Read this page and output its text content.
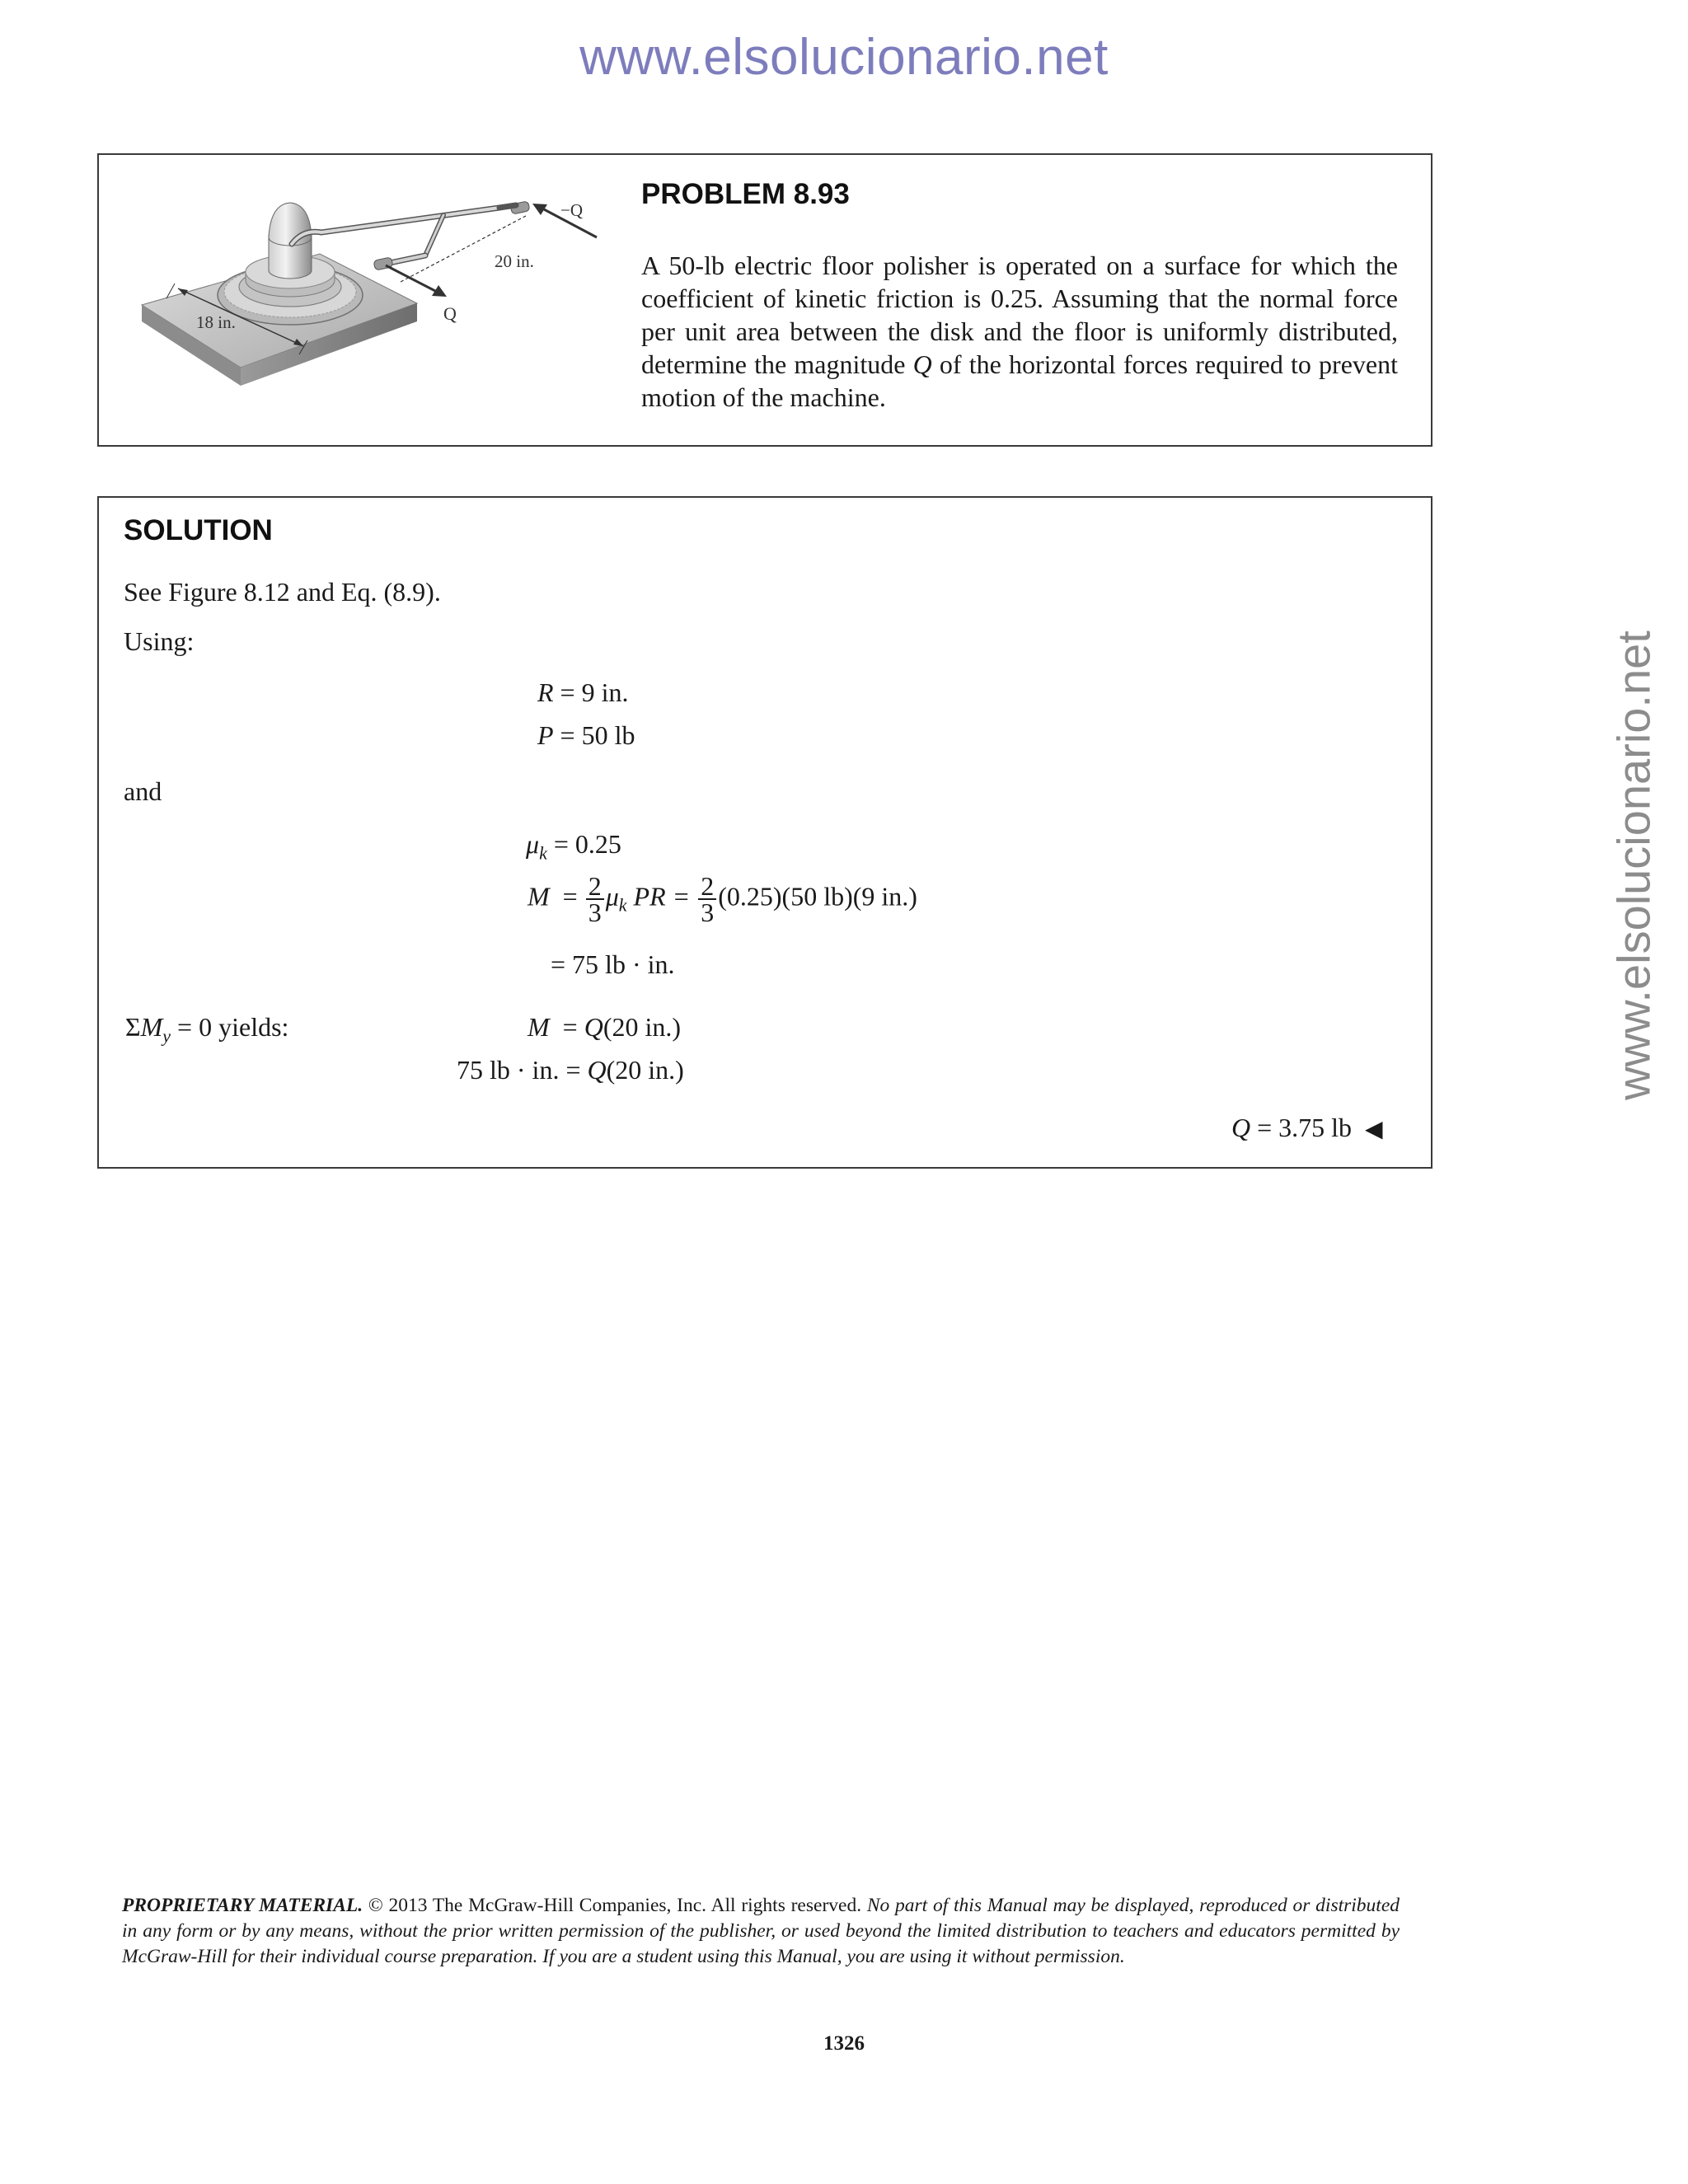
www.elsolucionario.net
www.elsolucionario.net
18 in.
20 in.
Q
−Q PROBLEM 8.93
A 50-lb electric floor polisher is operated on a surface for which the coefficient of kinetic friction is 0.25. Assuming that the normal force per unit area between the disk and the floor is uniformly distributed, determine the magnitude Q of the horizontal forces required to prevent motion of the machine.
SOLUTION
See Figure 8.12 and Eq. (8.9).
Using:
R = 9 in.
P = 50 lb
and
$\mu_k = 0.25$
$M = \frac{2}{3} \mu_k$ PR = $\frac{2}{3} (0.25)(50$ lb)(9 in.)
= 75 lb · in.
$\Sigma M_y = 0$ yields:	M = Q(20 in.)
75 lb · in. = Q(20 in.)
Q = 3.75 lb ◀
PROPRIETARY MATERIAL. © 2013 The McGraw-Hill Companies, Inc. All rights reserved. No part of this Manual may be displayed, reproduced or distributed in any form or by any means, without the prior written permission of the publisher, or used beyond the limited distribution to teachers and educators permitted by McGraw-Hill for their individual course preparation. If you are a student using this Manual, you are using it without permission.
1326
